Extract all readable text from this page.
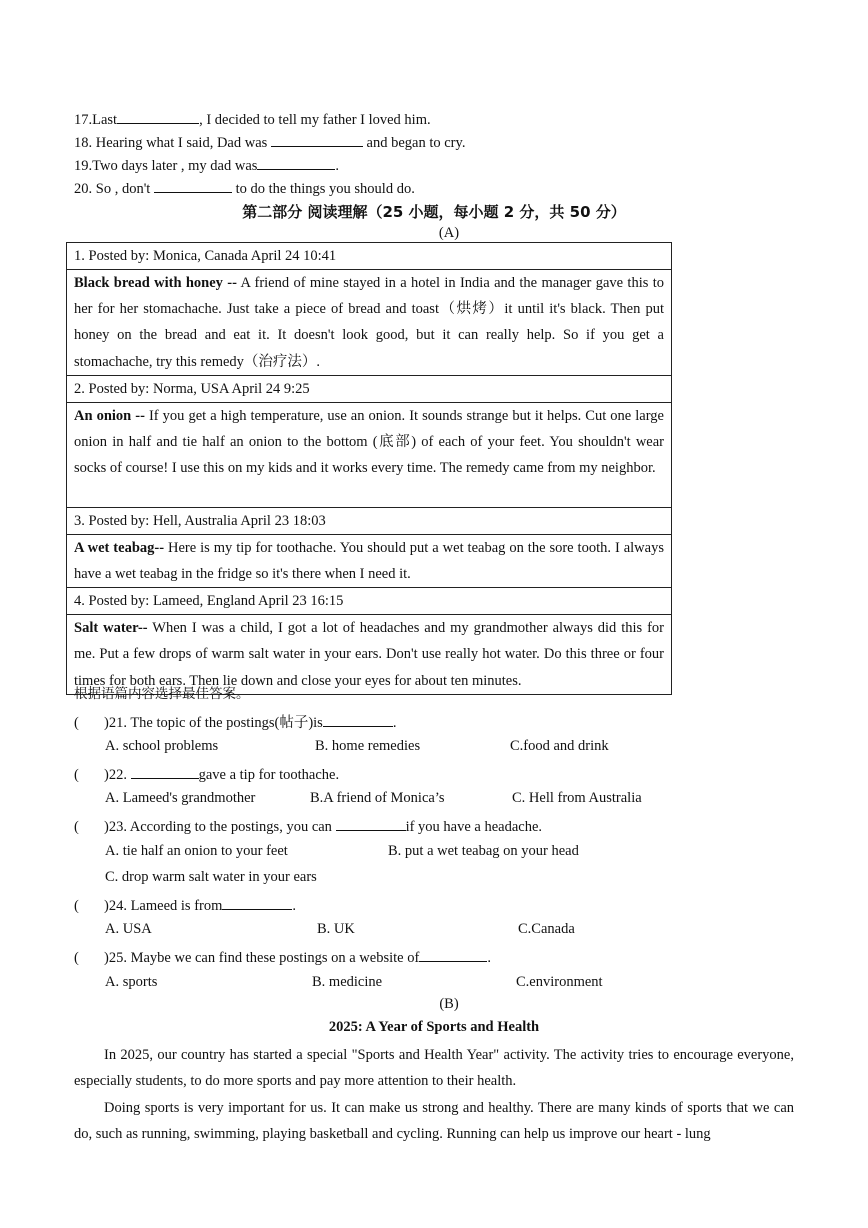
17.Last	, I decided to tell my father I loved him.
18. Hearing what I said, Dad was	and began to cry.
19.Two days later , my dad was	.
20. So , don't	to do the things you should do.
第二部分 阅读理解（25 小题，每小题 2 分，共 50 分）
(A)
1. Posted by: Monica, Canada April 24 10:41
Black bread with honey -- A friend of mine stayed in a hotel in India and the manager gave this to her for her stomachache. Just take a piece of bread and toast（烘烤）it until it's black. Then put honey on the bread and eat it. It doesn't look good, but it can really help. So if you get a stomachache, try this remedy（治疗法）.
2. Posted by: Norma, USA April 24 9:25
An onion -- If you get a high temperature, use an onion. It sounds strange but it helps. Cut one large onion in half and tie half an onion to the bottom (底部) of each of your feet. You shouldn't wear socks of course! I use this on my kids and it works every time. The remedy came from my neighbor.
3. Posted by: Hell, Australia April 23 18:03
A wet teabag-- Here is my tip for toothache. You should put a wet teabag on the sore tooth. I always have a wet teabag in the fridge so it's there when I need it.
4. Posted by: Lameed, England April 23 16:15
Salt water-- When I was a child, I got a lot of headaches and my grandmother always did this for me. Put a few drops of warm salt water in your ears. Don't use really hot water. Do this three or four times for both ears. Then lie down and close your eyes for about ten minutes.
根据语篇内容选择最佳答案。
( )21. The topic of the postings(帖子)is	.
A. school problems	B. home remedies	C.food and drink
( )22.	gave a tip for toothache.
A. Lameed's grandmother	B.A friend of Monica’s	C. Hell from Australia
( )23. According to the postings, you can	if you have a headache.
A. tie half an onion to your feet	B. put a wet teabag on your head
C. drop warm salt water in your ears
( )24. Lameed is from	.
A. USA	B. UK	C.Canada
( )25. Maybe we can find these postings on a website of	.
A. sports	B. medicine	C.environment
(B)
2025: A Year of Sports and Health
In 2025, our country has started a special "Sports and Health Year" activity. The activity tries to encourage everyone, especially students, to do more sports and pay more attention to their health.
Doing sports is very important for us. It can make us strong and healthy. There are many kinds of sports that we can do, such as running, swimming, playing basketball and cycling. Running can help us improve our heart - lung
